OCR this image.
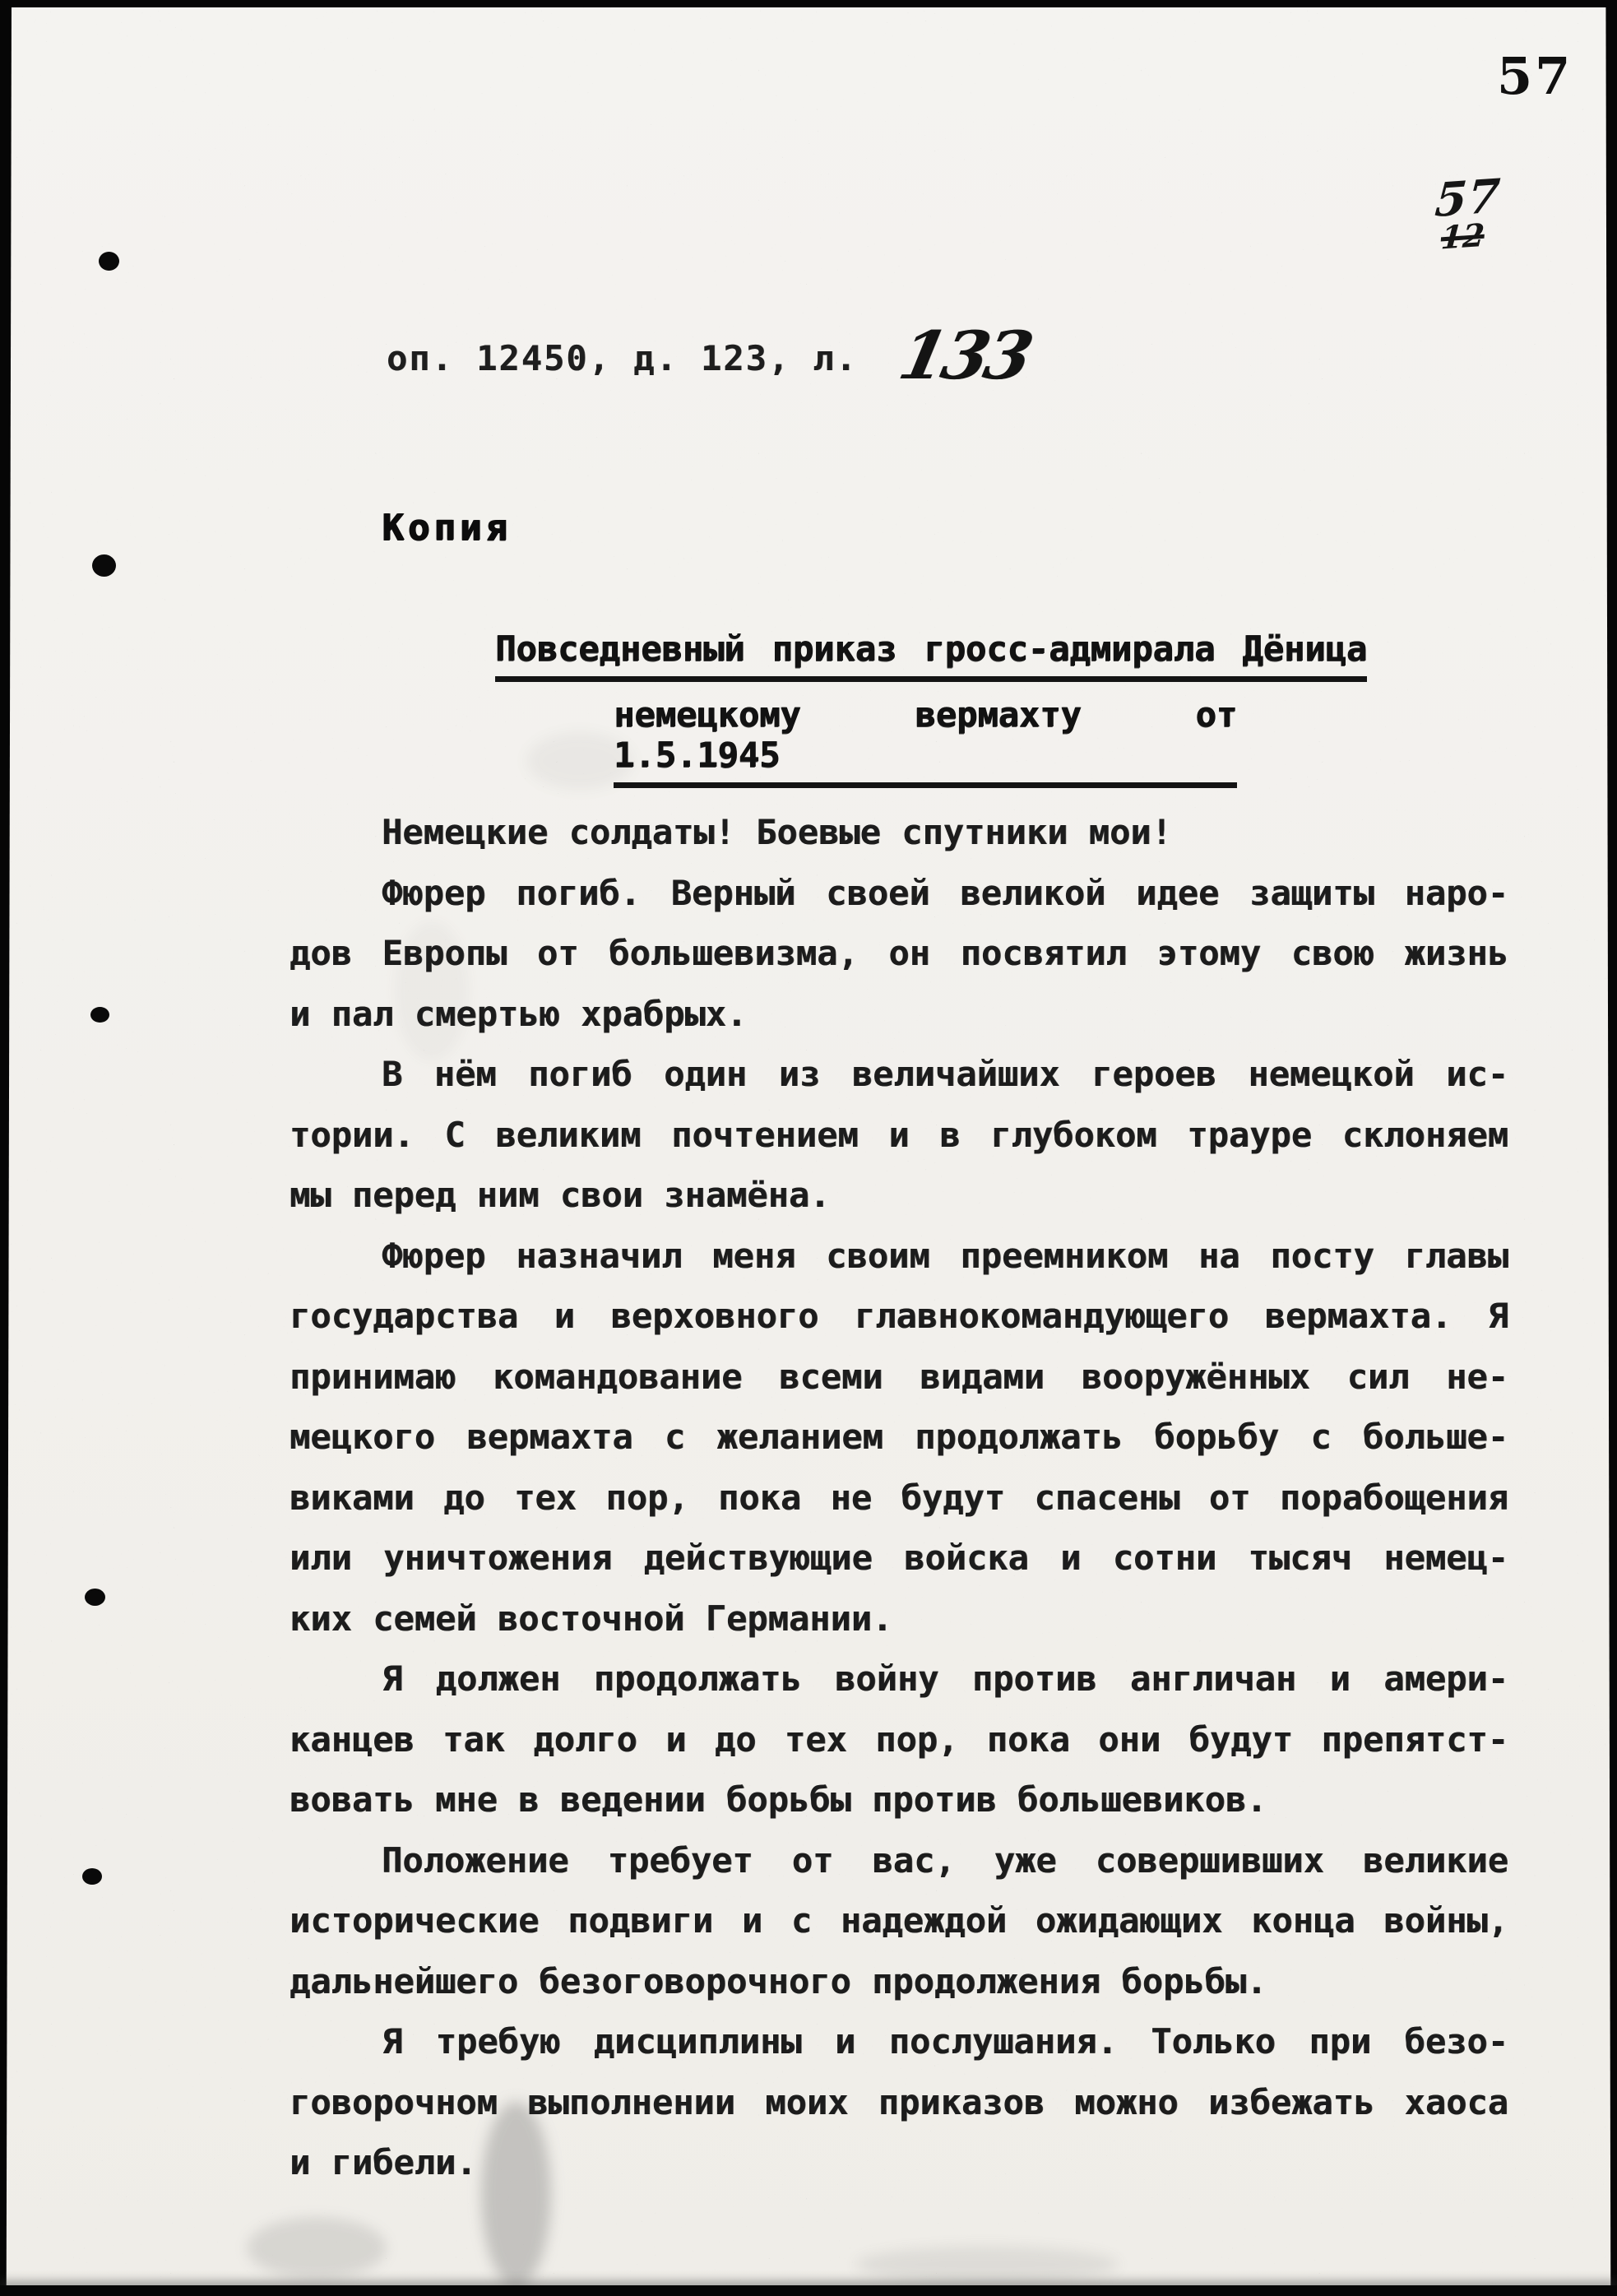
57
57
12
оп. 12450, д. 123, л. 133
Копия
Повседневный приказ гросс-адмирала Дёница
немецкому вермахту от 1.5.1945
Немецкие солдаты! Боевые спутники мои!
Фюрер погиб. Верный своей великой идее защиты наро-
дов Европы от большевизма, он посвятил этому свою жизнь
и пал смертью храбрых.
В нём погиб один из величайших героев немецкой ис-
тории. С великим почтением и в глубоком трауре склоняем
мы перед ним свои знамёна.
Фюрер назначил меня своим преемником на посту главы
государства и верховного главнокомандующего вермахта. Я
принимаю командование всеми видами вооружённых сил не-
мецкого вермахта с желанием продолжать борьбу с больше-
виками до тех пор, пока не будут спасены от порабощения
или уничтожения действующие войска и сотни тысяч немец-
ких семей восточной Германии.
Я должен продолжать войну против англичан и амери-
канцев так долго и до тех пор, пока они будут препятст-
вовать мне в ведении борьбы против большевиков.
Положение требует от вас, уже совершивших великие
исторические подвиги и с надеждой ожидающих конца войны,
дальнейшего безоговорочного продолжения борьбы.
Я требую дисциплины и послушания. Только при безо-
говорочном выполнении моих приказов можно избежать хаоса
и гибели.
